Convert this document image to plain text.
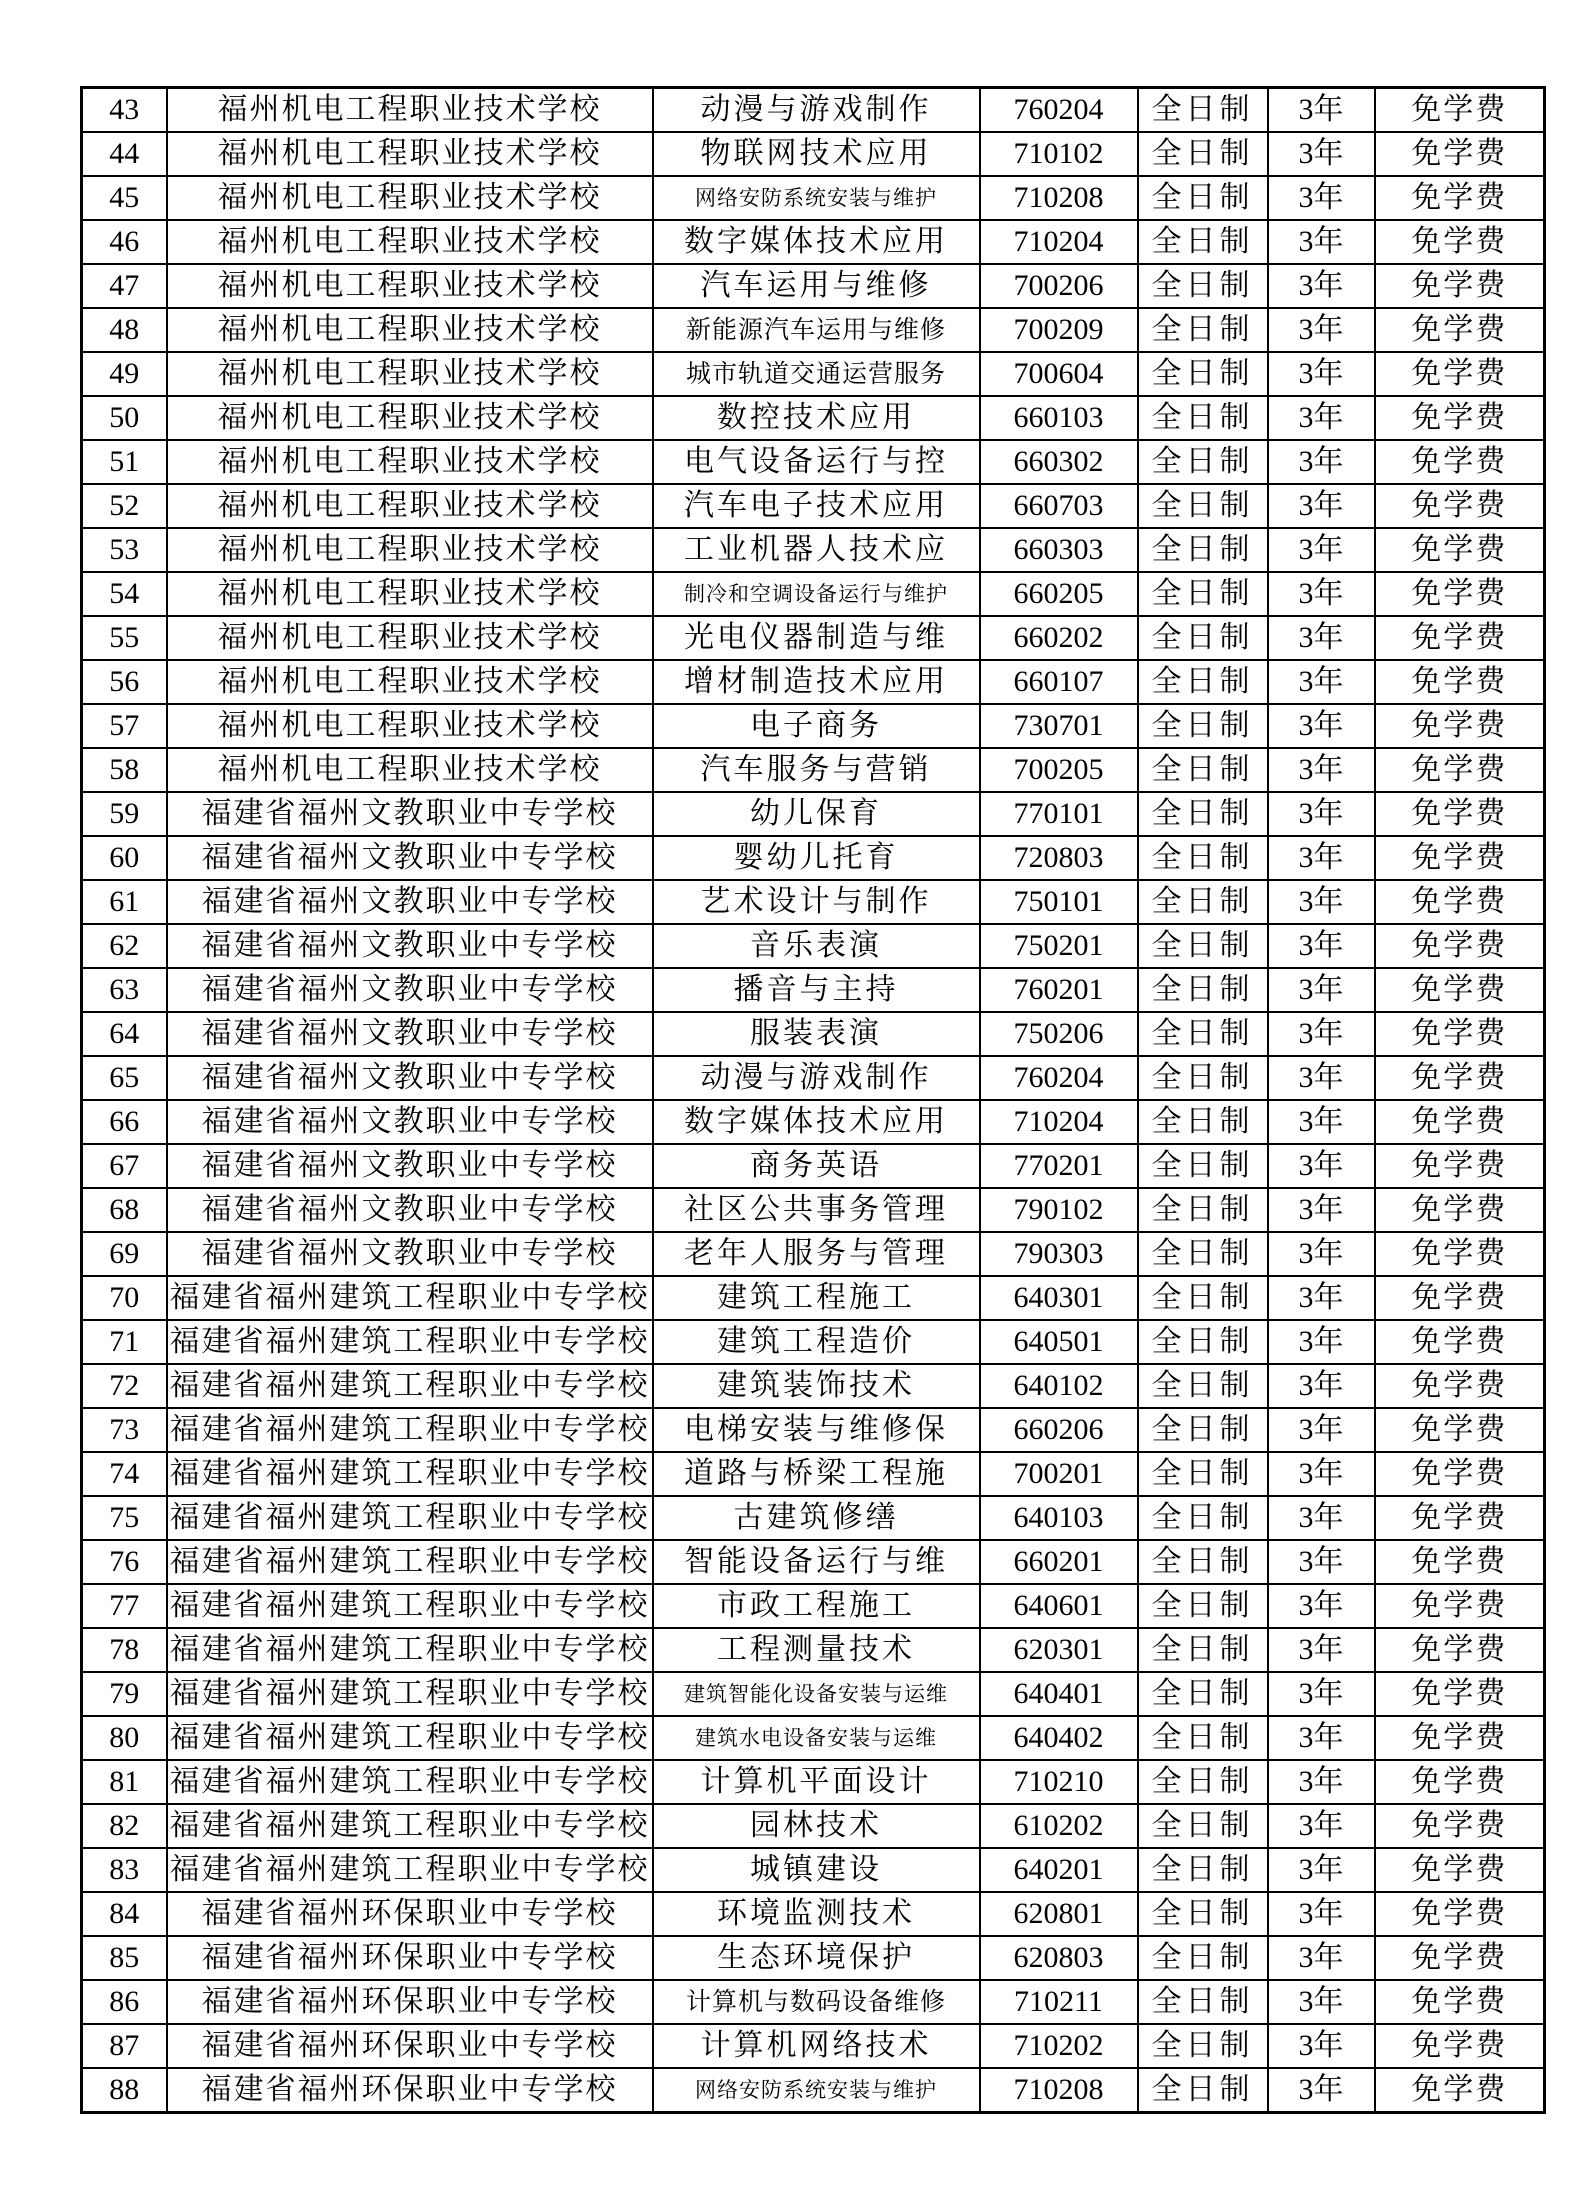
43	福州机电工程职业技术学校	动漫与游戏制作	760204	全日制	3年	免学费
44	福州机电工程职业技术学校	物联网技术应用	710102	全日制	3年	免学费
45	福州机电工程职业技术学校	网络安防系统安装与维护	710208	全日制	3年	免学费
46	福州机电工程职业技术学校	数字媒体技术应用	710204	全日制	3年	免学费
47	福州机电工程职业技术学校	汽车运用与维修	700206	全日制	3年	免学费
48	福州机电工程职业技术学校	新能源汽车运用与维修	700209	全日制	3年	免学费
49	福州机电工程职业技术学校	城市轨道交通运营服务	700604	全日制	3年	免学费
50	福州机电工程职业技术学校	数控技术应用	660103	全日制	3年	免学费
51	福州机电工程职业技术学校	电气设备运行与控	660302	全日制	3年	免学费
52	福州机电工程职业技术学校	汽车电子技术应用	660703	全日制	3年	免学费
53	福州机电工程职业技术学校	工业机器人技术应	660303	全日制	3年	免学费
54	福州机电工程职业技术学校	制冷和空调设备运行与维护	660205	全日制	3年	免学费
55	福州机电工程职业技术学校	光电仪器制造与维	660202	全日制	3年	免学费
56	福州机电工程职业技术学校	增材制造技术应用	660107	全日制	3年	免学费
57	福州机电工程职业技术学校	电子商务	730701	全日制	3年	免学费
58	福州机电工程职业技术学校	汽车服务与营销	700205	全日制	3年	免学费
59	福建省福州文教职业中专学校	幼儿保育	770101	全日制	3年	免学费
60	福建省福州文教职业中专学校	婴幼儿托育	720803	全日制	3年	免学费
61	福建省福州文教职业中专学校	艺术设计与制作	750101	全日制	3年	免学费
62	福建省福州文教职业中专学校	音乐表演	750201	全日制	3年	免学费
63	福建省福州文教职业中专学校	播音与主持	760201	全日制	3年	免学费
64	福建省福州文教职业中专学校	服装表演	750206	全日制	3年	免学费
65	福建省福州文教职业中专学校	动漫与游戏制作	760204	全日制	3年	免学费
66	福建省福州文教职业中专学校	数字媒体技术应用	710204	全日制	3年	免学费
67	福建省福州文教职业中专学校	商务英语	770201	全日制	3年	免学费
68	福建省福州文教职业中专学校	社区公共事务管理	790102	全日制	3年	免学费
69	福建省福州文教职业中专学校	老年人服务与管理	790303	全日制	3年	免学费
70	福建省福州建筑工程职业中专学校	建筑工程施工	640301	全日制	3年	免学费
71	福建省福州建筑工程职业中专学校	建筑工程造价	640501	全日制	3年	免学费
72	福建省福州建筑工程职业中专学校	建筑装饰技术	640102	全日制	3年	免学费
73	福建省福州建筑工程职业中专学校	电梯安装与维修保	660206	全日制	3年	免学费
74	福建省福州建筑工程职业中专学校	道路与桥梁工程施	700201	全日制	3年	免学费
75	福建省福州建筑工程职业中专学校	古建筑修缮	640103	全日制	3年	免学费
76	福建省福州建筑工程职业中专学校	智能设备运行与维	660201	全日制	3年	免学费
77	福建省福州建筑工程职业中专学校	市政工程施工	640601	全日制	3年	免学费
78	福建省福州建筑工程职业中专学校	工程测量技术	620301	全日制	3年	免学费
79	福建省福州建筑工程职业中专学校	建筑智能化设备安装与运维	640401	全日制	3年	免学费
80	福建省福州建筑工程职业中专学校	建筑水电设备安装与运维	640402	全日制	3年	免学费
81	福建省福州建筑工程职业中专学校	计算机平面设计	710210	全日制	3年	免学费
82	福建省福州建筑工程职业中专学校	园林技术	610202	全日制	3年	免学费
83	福建省福州建筑工程职业中专学校	城镇建设	640201	全日制	3年	免学费
84	福建省福州环保职业中专学校	环境监测技术	620801	全日制	3年	免学费
85	福建省福州环保职业中专学校	生态环境保护	620803	全日制	3年	免学费
86	福建省福州环保职业中专学校	计算机与数码设备维修	710211	全日制	3年	免学费
87	福建省福州环保职业中专学校	计算机网络技术	710202	全日制	3年	免学费
88	福建省福州环保职业中专学校	网络安防系统安装与维护	710208	全日制	3年	免学费
